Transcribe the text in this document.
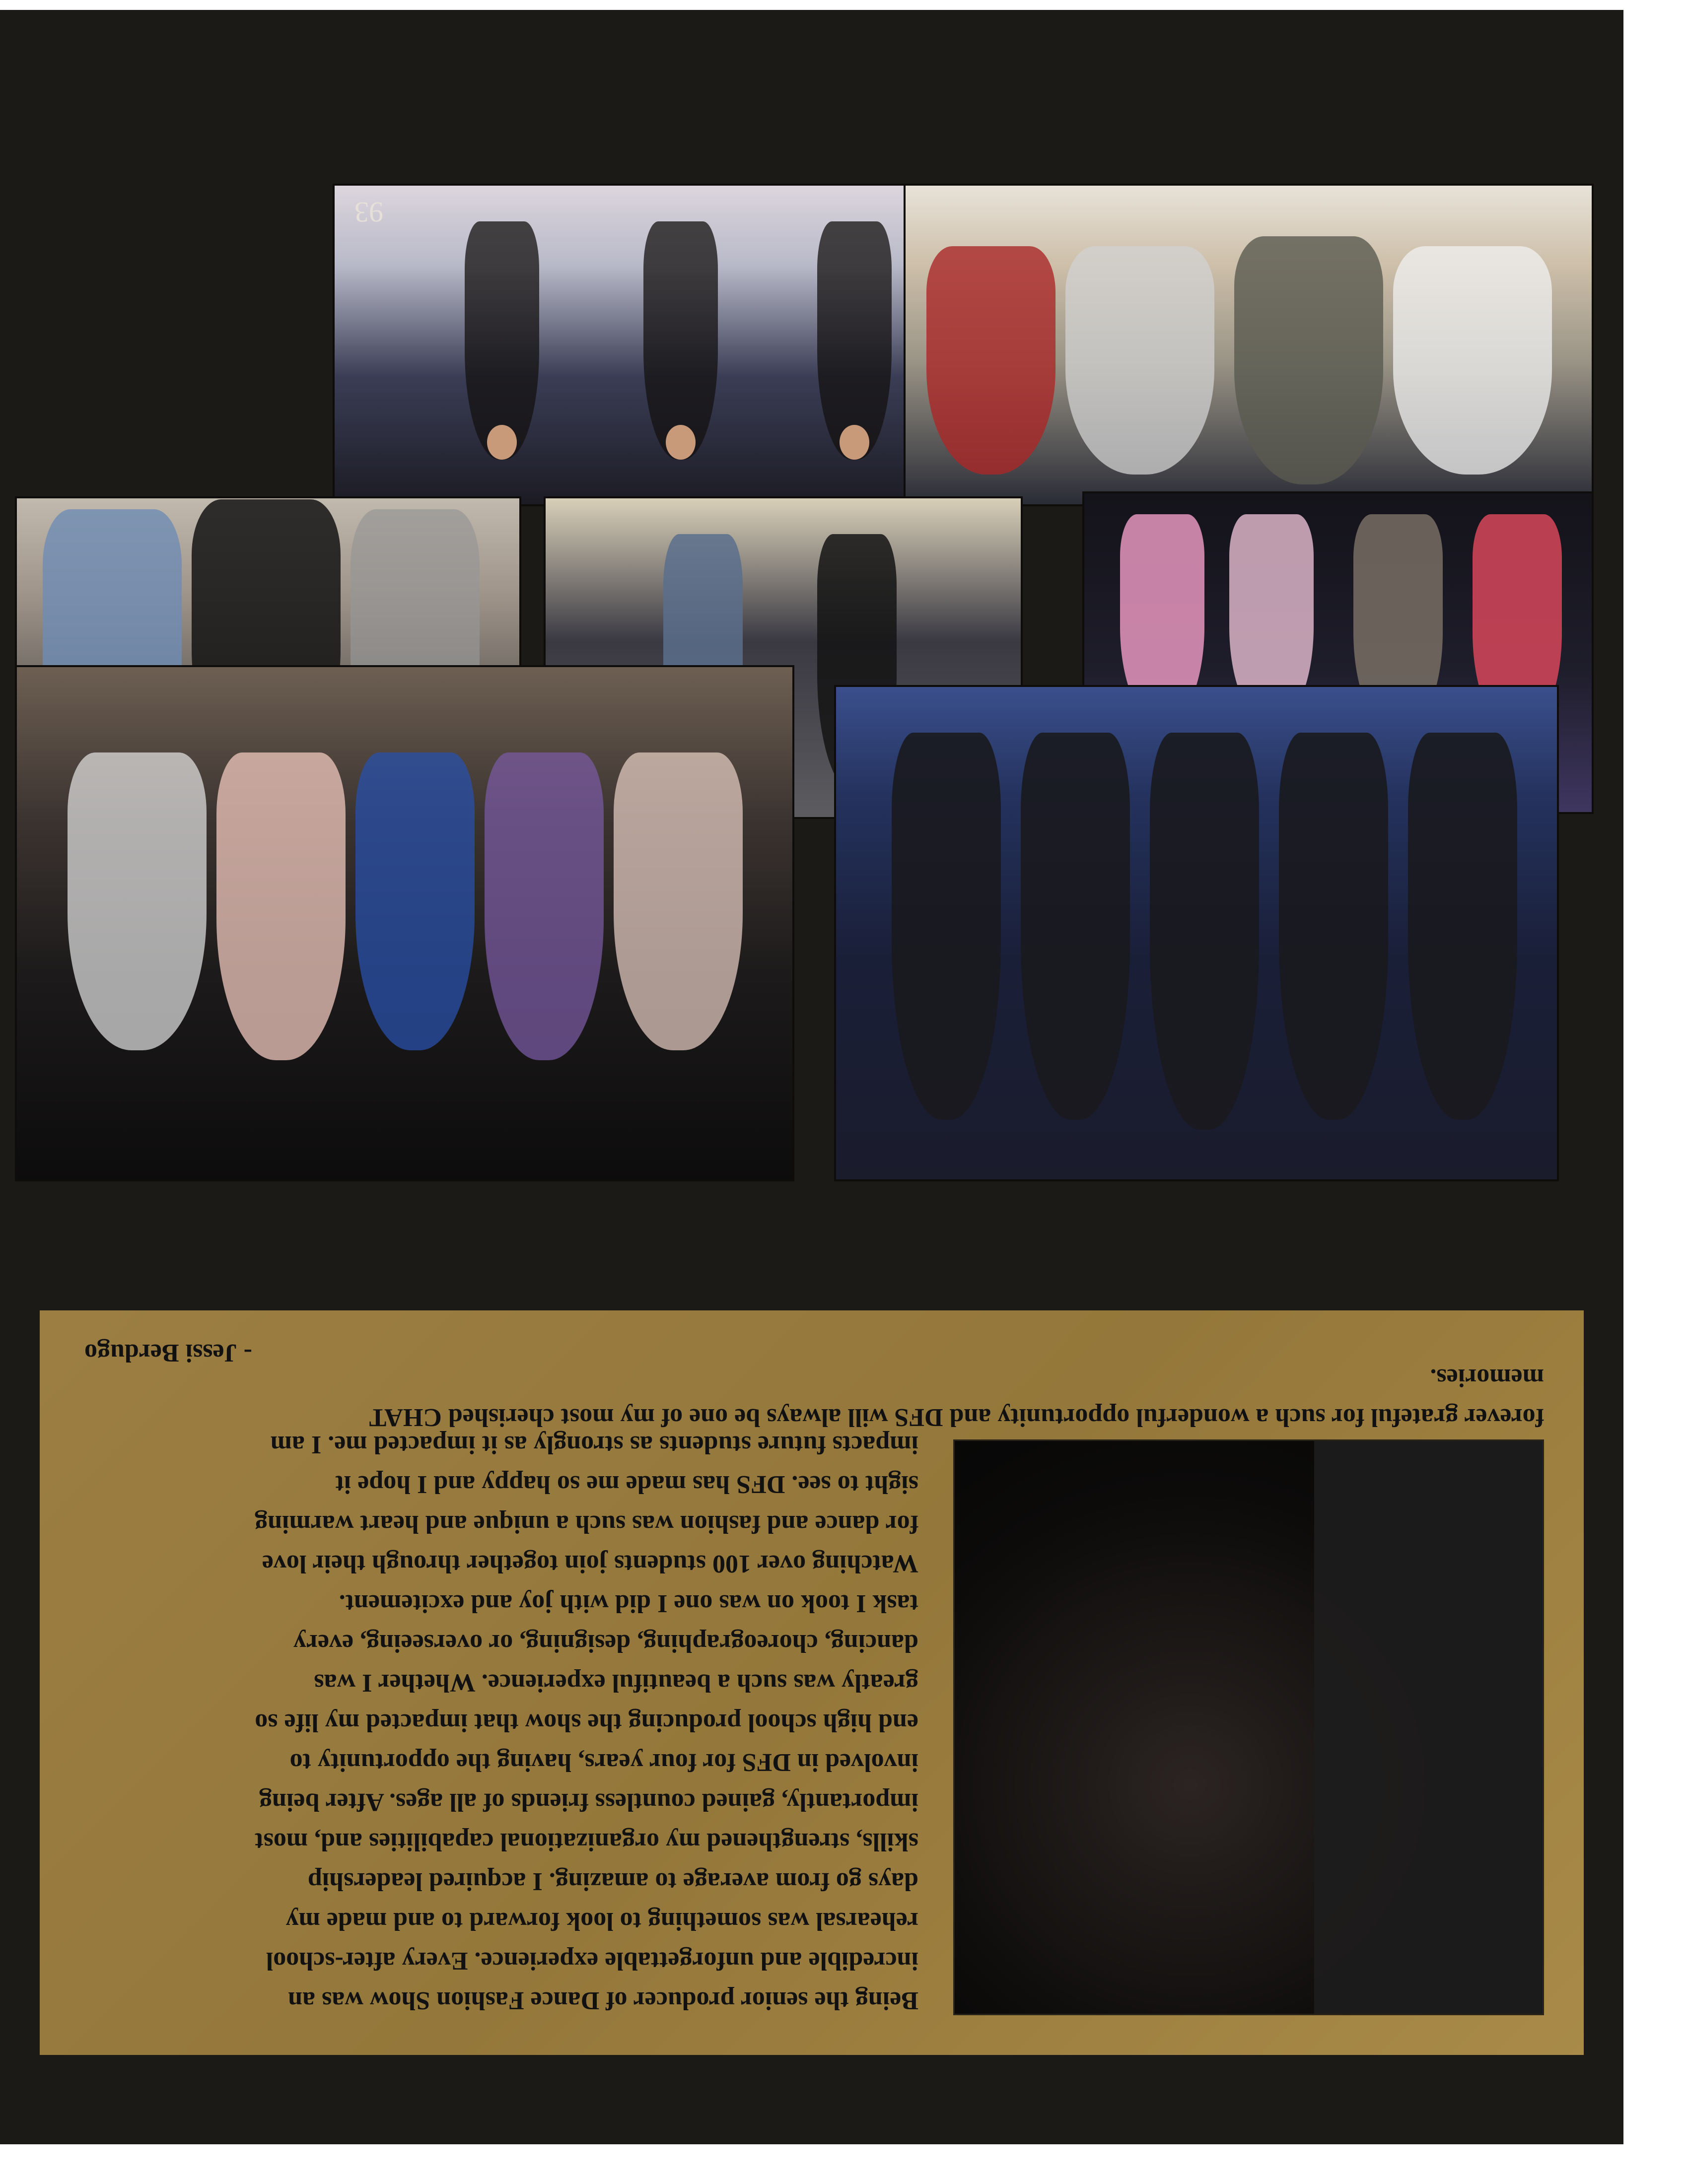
93
Being the senior producer of Dance Fashion Show was an
incredible and unforgettable experience. Every after-school
rehearsal was something to look forward to and made my
days go from average to amazing. I acquired leadership
skills, strengthened my organizational capabilities and, most
importantly, gained countless friends of all ages. After being
involved in DFS for four years, having the opportunity to
end high school producing the show that impacted my life so
greatly was such a beautiful experience. Whether I was
dancing, choreographing, designing, or overseeing, every
task I took on was one I did with joy and excitement.
Watching over 100 students join together through their love
for dance and fashion was such a unique and heart warming
sight to see. DFS has made me so happy and I hope it
impacts future students as strongly as it impacted me. I am
forever grateful for such a wonderful opportunity and DFS will always be one of my most cherished CHAT
memories.
- Jessi Berdugo
